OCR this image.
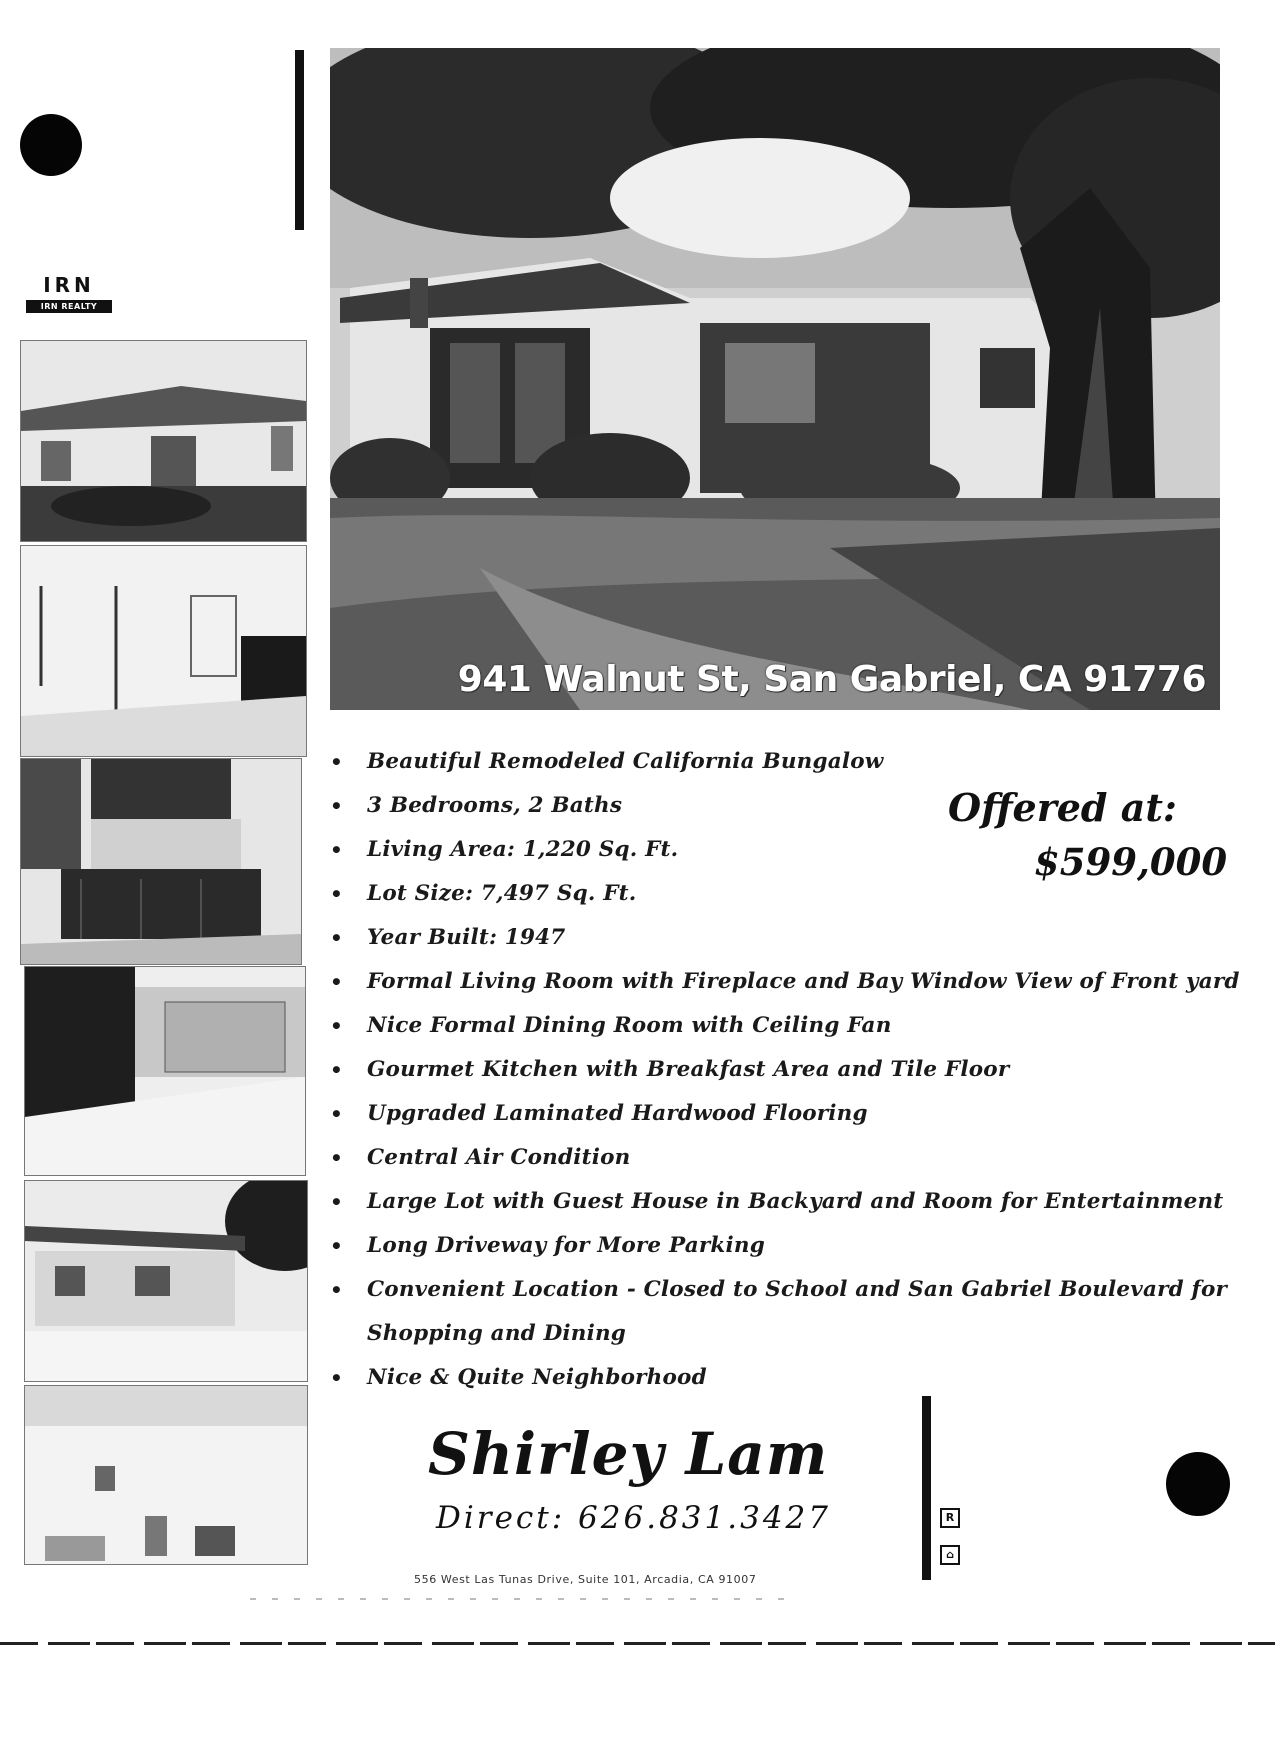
IRN
IRN REALTY
941 Walnut St, San Gabriel, CA 91776
• Beautiful Remodeled California Bungalow
• 3 Bedrooms, 2 Baths
• Living Area: 1,220 Sq. Ft.
• Lot Size: 7,497 Sq. Ft.
• Year Built: 1947
• Formal Living Room with Fireplace and Bay Window View of Front yard
• Nice Formal Dining Room with Ceiling Fan
• Gourmet Kitchen with Breakfast Area and Tile Floor
• Upgraded Laminated Hardwood Flooring
• Central Air Condition
• Large Lot with Guest House in Backyard and Room for Entertainment
• Long Driveway for More Parking
• Convenient Location - Closed to School and San Gabriel Boulevard for Shopping and Dining
• Nice & Quite Neighborhood
Offered at:
$599,000
Shirley Lam
Direct: 626.831.3427
556 West Las Tunas Drive, Suite 101, Arcadia, CA 91007
R
⌂
